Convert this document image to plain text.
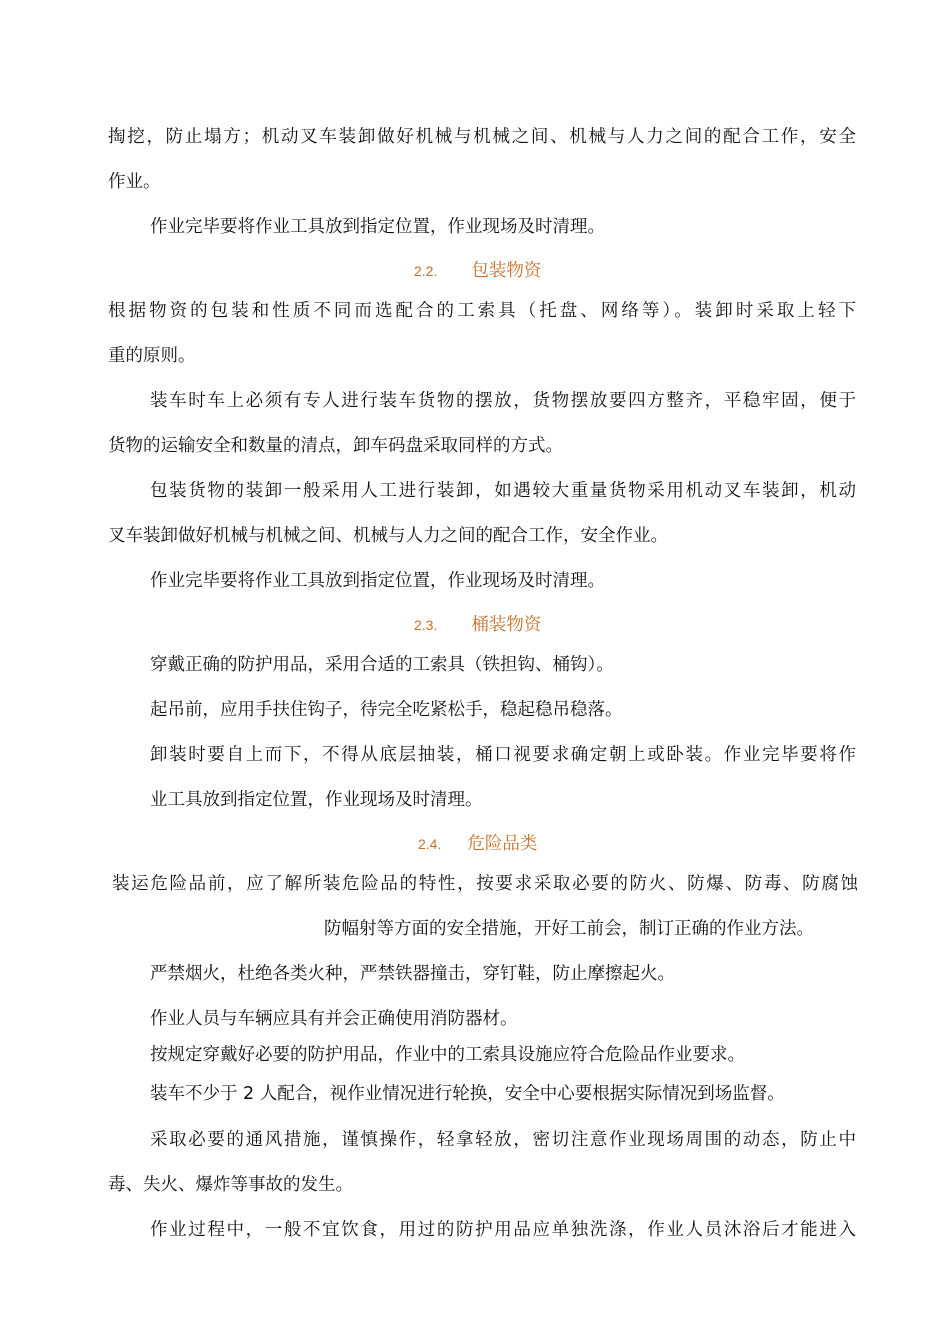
掏挖，防止塌方；机动叉车装卸做好机械与机械之间、机械与人力之间的配合工作，安全
作业。
作业完毕要将作业工具放到指定位置，作业现场及时清理。
2.2. 包装物资
根据物资的包装和性质不同而选配合的工索具（托盘、网络等）。装卸时采取上轻下
重的原则。
装车时车上必须有专人进行装车货物的摆放，货物摆放要四方整齐，平稳牢固，便于
货物的运输安全和数量的清点，卸车码盘采取同样的方式。
包装货物的装卸一般采用人工进行装卸，如遇较大重量货物采用机动叉车装卸，机动
叉车装卸做好机械与机械之间、机械与人力之间的配合工作，安全作业。
作业完毕要将作业工具放到指定位置，作业现场及时清理。
2.3. 桶装物资
穿戴正确的防护用品，采用合适的工索具（铁担钩、桶钩）。
起吊前，应用手扶住钩子，待完全吃紧松手，稳起稳吊稳落。
卸装时要自上而下，不得从底层抽装，桶口视要求确定朝上或卧装。作业完毕要将作
业工具放到指定位置，作业现场及时清理。
2.4. 危险品类
装运危险品前，应了解所装危险品的特性，按要求采取必要的防火、防爆、防毒、防腐蚀
防幅射等方面的安全措施，开好工前会，制订正确的作业方法。
严禁烟火，杜绝各类火种，严禁铁器撞击，穿钉鞋，防止摩擦起火。
作业人员与车辆应具有并会正确使用消防器材。
按规定穿戴好必要的防护用品，作业中的工索具设施应符合危险品作业要求。
装车不少于 2 人配合，视作业情况进行轮换，安全中心要根据实际情况到场监督。
采取必要的通风措施，谨慎操作，轻拿轻放，密切注意作业现场周围的动态，防止中
毒、失火、爆炸等事故的发生。
作业过程中，一般不宜饮食，用过的防护用品应单独洗涤，作业人员沐浴后才能进入
